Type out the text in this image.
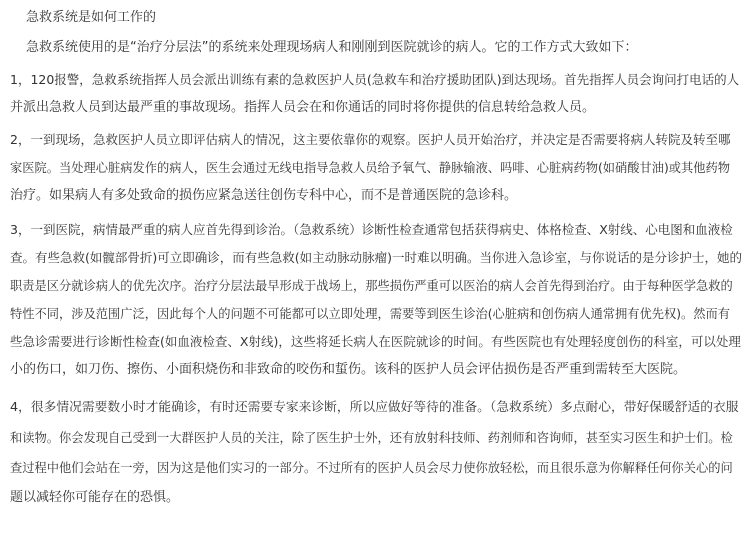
急救系统是如何工作的
急救系统使用的是“治疗分层法”的系统来处理现场病人和刚刚到医院就诊的病人。它的工作方式大致如下：
1，120报警，急救系统指挥人员会派出训练有素的急救医护人员(急救车和治疗援助团队)到达现场。首先指挥人员会询问打电话的人
并派出急救人员到达最严重的事故现场。指挥人员会在和你通话的同时将你提供的信息转给急救人员。
2，一到现场，急救医护人员立即评估病人的情况，这主要依靠你的观察。医护人员开始治疗，并决定是否需要将病人转院及转至哪
家医院。当处理心脏病发作的病人，医生会通过无线电指导急救人员给予氧气、静脉输液、吗啡、心脏病药物(如硝酸甘油)或其他药物
治疗。如果病人有多处致命的损伤应紧急送往创伤专科中心，而不是普通医院的急诊科。
3，一到医院，病情最严重的病人应首先得到诊治。（急救系统）诊断性检查通常包括获得病史、体格检查、X射线、心电图和血液检
查。有些急救(如髋部骨折)可立即确诊，而有些急救(如主动脉动脉瘤)一时难以明确。当你进入急诊室，与你说话的是分诊护士，她的
职责是区分就诊病人的优先次序。治疗分层法最早形成于战场上，那些损伤严重可以医治的病人会首先得到治疗。由于每种医学急救的
特性不同，涉及范围广泛，因此每个人的问题不可能都可以立即处理，需要等到医生诊治(心脏病和创伤病人通常拥有优先权)。然而有
些急诊需要进行诊断性检查(如血液检查、X射线)，这些将延长病人在医院就诊的时间。有些医院也有处理轻度创伤的科室，可以处理
小的伤口，如刀伤、擦伤、小面积烧伤和非致命的咬伤和蜇伤。该科的医护人员会评估损伤是否严重到需转至大医院。
4，很多情况需要数小时才能确诊，有时还需要专家来诊断，所以应做好等待的准备。（急救系统）多点耐心，带好保暖舒适的衣服
和读物。你会发现自己受到一大群医护人员的关注，除了医生护士外，还有放射科技师、药剂师和咨询师，甚至实习医生和护士们。检
查过程中他们会站在一旁，因为这是他们实习的一部分。不过所有的医护人员会尽力使你放轻松，而且很乐意为你解释任何你关心的问
题以减轻你可能存在的恐惧。
